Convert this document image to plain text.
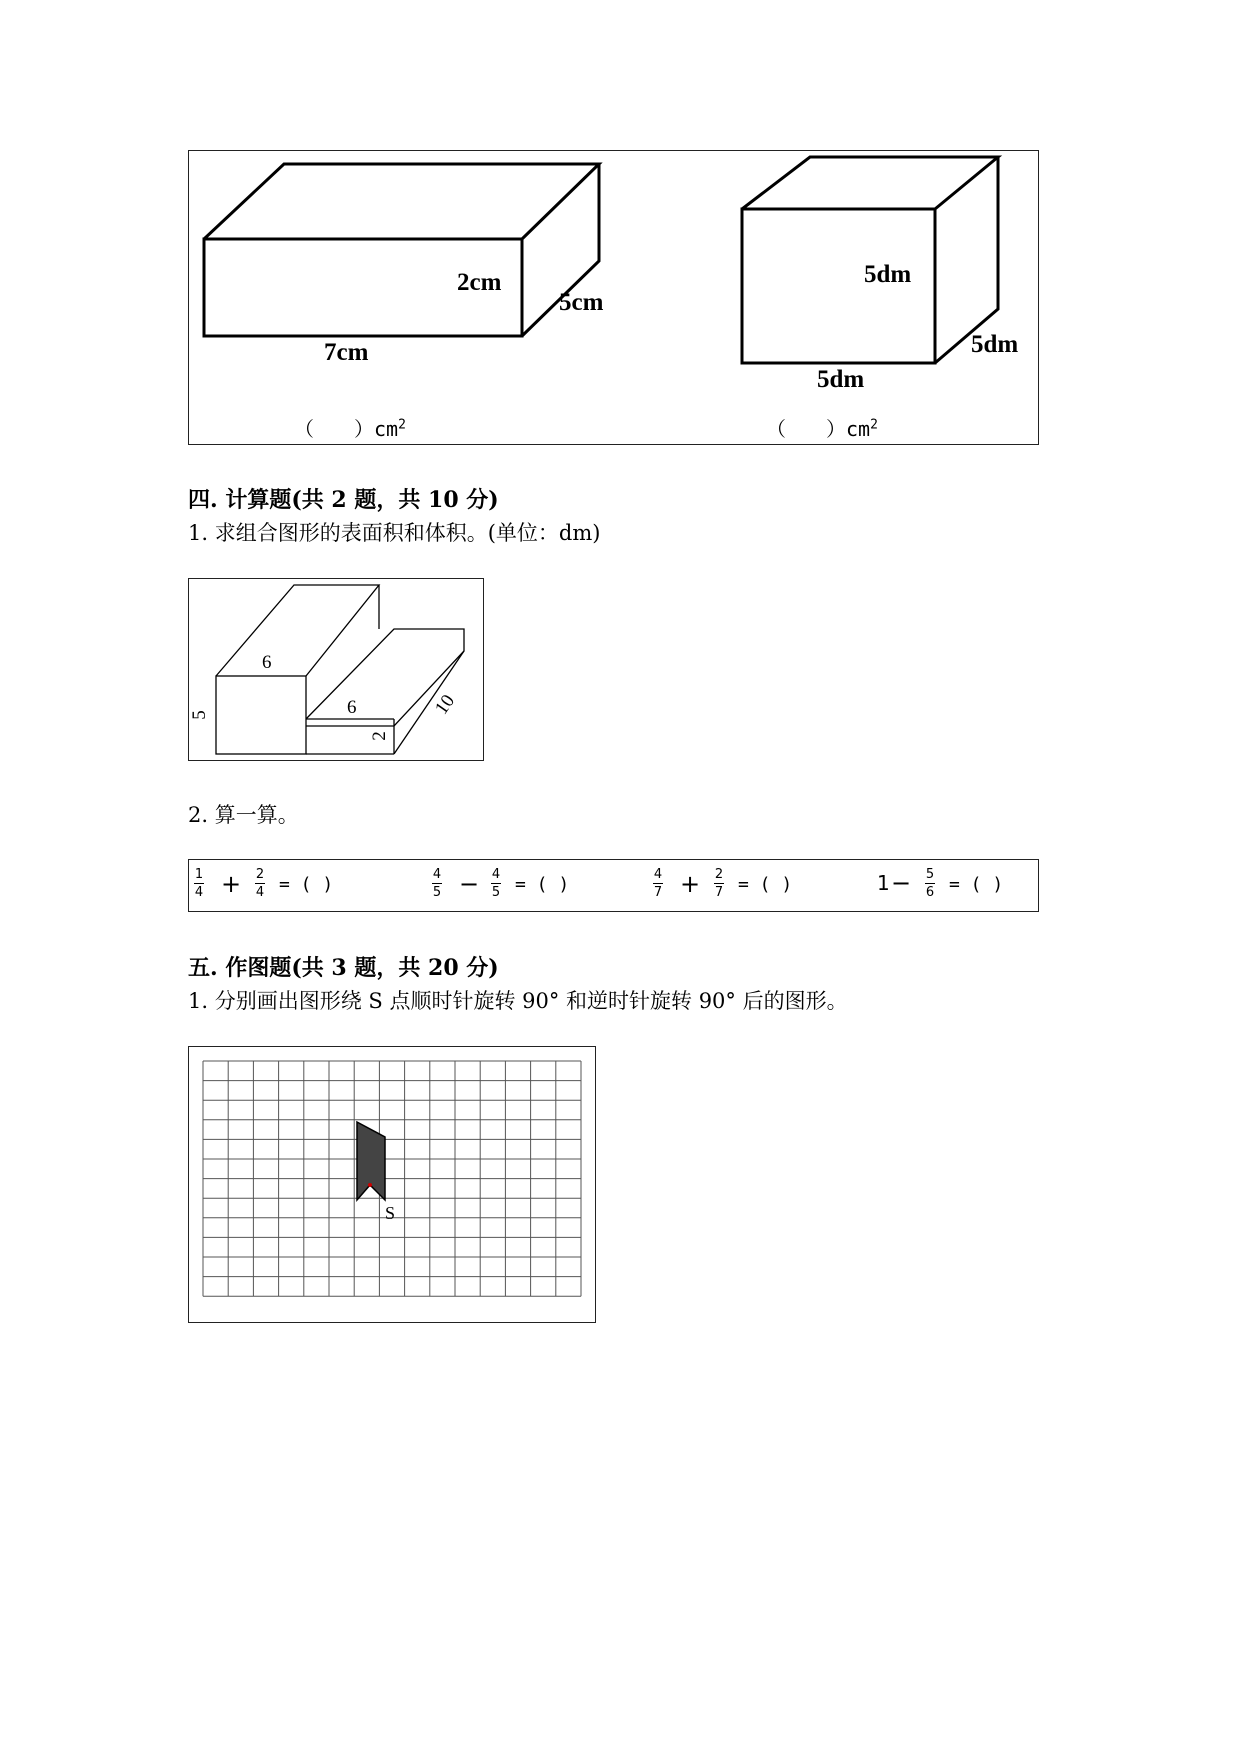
2cm
5cm
7cm
（　　）$cm^2$
5dm
5dm
5dm
（　　）$cm^2$
四. 计算题(共 2 题，共 10 分)
1. 求组合图形的表面积和体积。(单位：dm)
6
5	6
2
10
2. 算一算。
1
4 + 2
4 = ( )	4
5 − 4
5 = ( )	4
7 + 2
7 = ( )	1 − 5
6 = ( )
五. 作图题(共 3 题，共 20 分)
1. 分别画出图形绕 S 点顺时针旋转 90° 和逆时针旋转 90° 后的图形。
S
